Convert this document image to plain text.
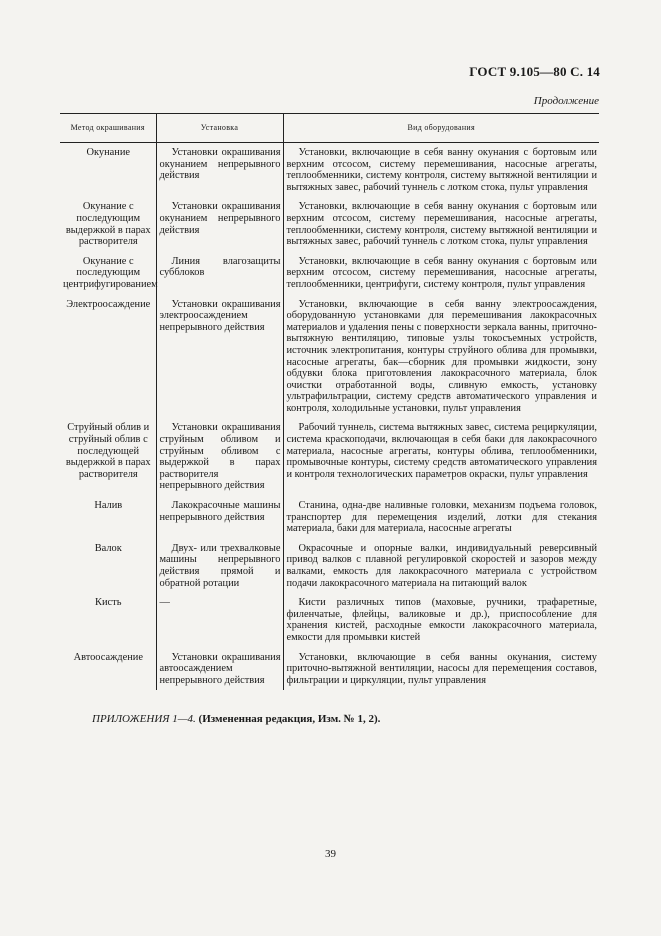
ГОСТ 9.105—80 С. 14
Продолжение
Метод окрашивания	Установка	Вид оборудования
Окунание	Установки окрашивания окунанием непрерывного действия	Установки, включающие в себя ванну окунания с бортовым или верхним отсосом, систему перемешивания, насосные агрегаты, теплообменники, систему контроля, систему вытяжной вентиляции и вытяжных завес, рабочий туннель с лотком стока, пульт управления
Окунание с последующим выдержкой в парах растворителя	Установки окрашивания окунанием непрерывного действия	Установки, включающие в себя ванну окунания с бортовым или верхним отсосом, систему перемешивания, насосные агрегаты, теплообменники, систему контроля, систему вытяжной вентиляции и вытяжных завес, рабочий туннель с лотком стока, пульт управления
Окунание с последующим центрифугированием	Линия влагозащиты субблоков	Установки, включающие в себя ванну окунания с бортовым или верхним отсосом, систему перемешивания, насосные агрегаты, теплообменники, центрифуги, систему контроля, пульт управления
Электроосаждение	Установки окрашивания электроосаждением непрерывного действия	Установки, включающие в себя ванну электроосаждения, оборудованную установками для перемешивания лакокрасочных материалов и удаления пены с поверхности зеркала ванны, приточно-вытяжную вентиляцию, типовые узлы токосъемных устройств, источник электропитания, контуры струйного облива для промывки, насосные агрегаты, бак—сборник для промывки жидкости, зону обдувки блока приготовления лакокрасочного материала, блок очистки отработанной воды, сливную емкость, установку ультрафильтрации, систему средств автоматического управления и контроля, холодильные установки, пульт управления
Струйный облив и струйный облив с последующей выдержкой в парах растворителя	Установки окрашивания струйным обливом и струйным обливом с выдержкой в парах растворителя непрерывного действия	Рабочий туннель, система вытяжных завес, система рециркуляции, система краскоподачи, включающая в себя баки для лакокрасочного материала, насосные агрегаты, контуры облива, теплообменники, промывочные контуры, систему средств автоматического управления и контроля технологических параметров окраски, пульт управления
Налив	Лакокрасочные машины непрерывного действия	Станина, одна-две наливные головки, механизм подъема головок, транспортер для перемещения изделий, лотки для стекания материала, баки для материала, насосные агрегаты
Валок	Двух- или трехвалковые машины непрерывного действия прямой и обратной ротации	Окрасочные и опорные валки, индивидуальный реверсивный привод валков с плавной регулировкой скоростей и зазоров между валками, емкость для лакокрасочного материала с устройством подачи лакокрасочного материала на питающий валок
Кисть	—	Кисти различных типов (маховые, ручники, трафаретные, филенчатые, флейцы, валиковые и др.), приспособление для хранения кистей, расходные емкости лакокрасочного материала, емкости для промывки кистей
Автоосаждение	Установки окрашивания автоосаждением непрерывного действия	Установки, включающие в себя ванны окунания, систему приточно-вытяжной вентиляции, насосы для перемещения составов, фильтрации и циркуляции, пульт управления
ПРИЛОЖЕНИЯ 1—4. (Измененная редакция, Изм. № 1, 2).
39
